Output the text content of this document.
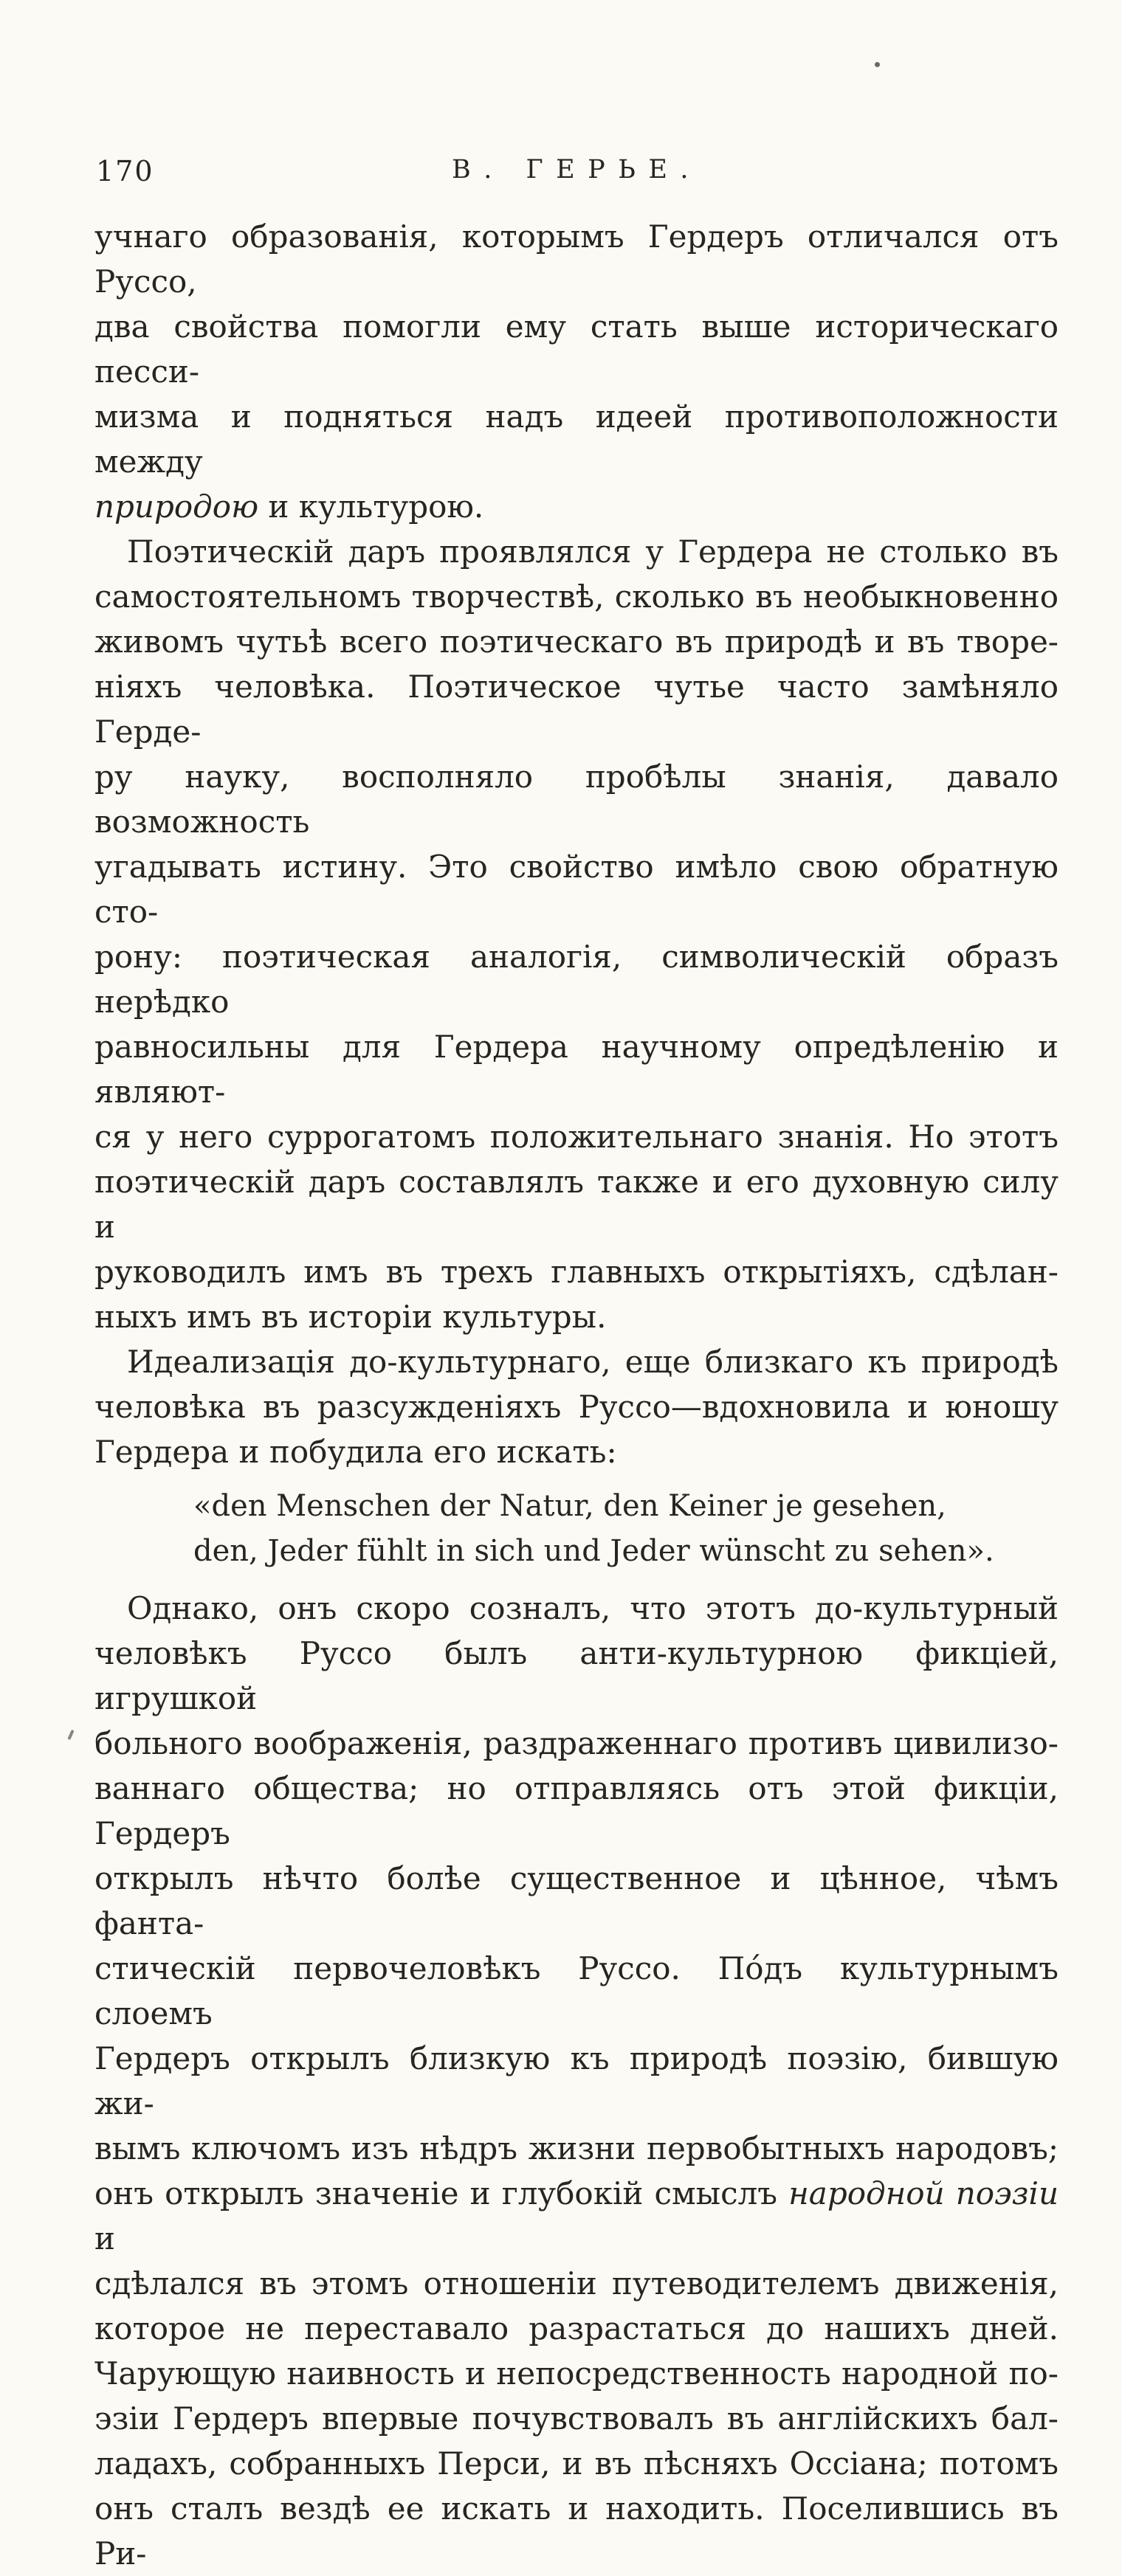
170	В. ГЕРЬЕ.
учнаго образованія, которымъ Гердеръ отличался отъ Руссо,
два свойства помогли ему стать выше историческаго песси-
мизма и подняться надъ идеей противоположности между
природою и культурою.
Поэтическій даръ проявлялся у Гердера не столько въ
самостоятельномъ творчествѣ, сколько въ необыкновенно
живомъ чутьѣ всего поэтическаго въ природѣ и въ творе-
ніяхъ человѣка. Поэтическое чутье часто замѣняло Герде-
ру науку, восполняло пробѣлы знанія, давало возможность
угадывать истину. Это свойство имѣло свою обратную сто-
рону: поэтическая аналогія, символическій образъ нерѣдко
равносильны для Гердера научному опредѣленію и являют-
ся у него суррогатомъ положительнаго знанія. Но этотъ
поэтическій даръ составлялъ также и его духовную силу и
руководилъ имъ въ трехъ главныхъ открытіяхъ, сдѣлан-
ныхъ имъ въ исторіи культуры.
Идеализація до-культурнаго, еще близкаго къ природѣ
человѣка въ разсужденіяхъ Руссо—вдохновила и юношу
Гердера и побудила его искать:
«den Menschen der Natur, den Keiner je gesehen,
den, Jeder fühlt in sich und Jeder wünscht zu sehen».
Однако, онъ скоро созналъ, что этотъ до-культурный
человѣкъ Руссо былъ анти-культурною фикціей, игрушкой
больного воображенія, раздраженнаго противъ цивилизо-
ваннаго общества; но отправляясь отъ этой фикціи, Гердеръ
открылъ нѣчто болѣе существенное и цѣнное, чѣмъ фанта-
стическій первочеловѣкъ Руссо. По́дъ культурнымъ слоемъ
Гердеръ открылъ близкую къ природѣ поэзію, бившую жи-
вымъ ключомъ изъ нѣдръ жизни первобытныхъ народовъ;
онъ открылъ значеніе и глубокій смыслъ народной поэзіи и
сдѣлался въ этомъ отношеніи путеводителемъ движенія,
которое не переставало разрастаться до нашихъ дней.
Чарующую наивность и непосредственность народной по-
эзіи Гердеръ впервые почувствовалъ въ англійскихъ бал-
ладахъ, собранныхъ Перси, и въ пѣсняхъ Оссіана; потомъ
онъ сталъ вездѣ ее искать и находить. Поселившись въ Ри-
